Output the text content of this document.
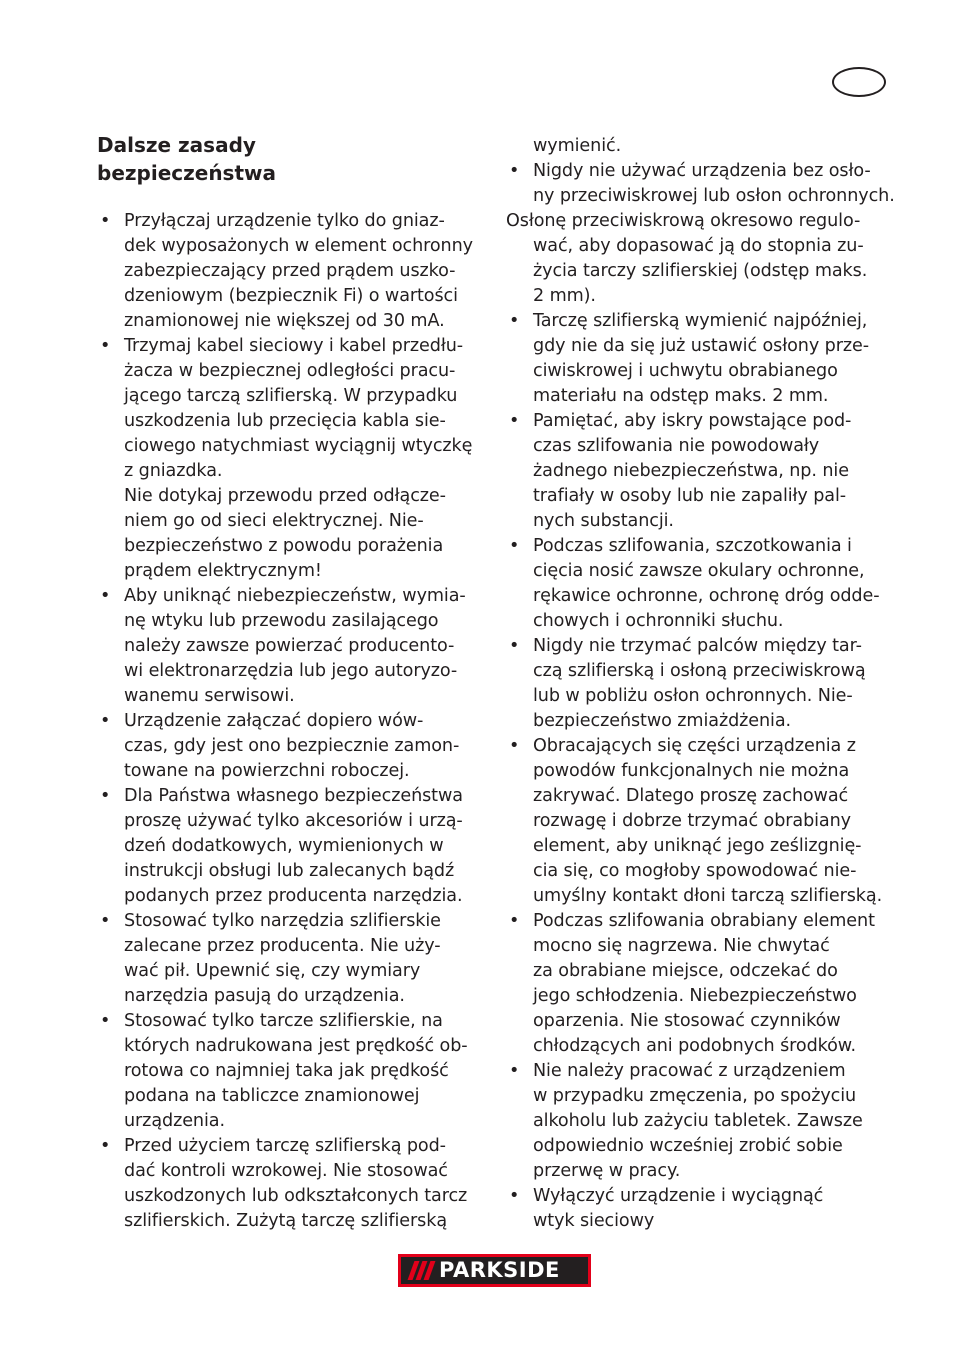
Dalsze zasady
bezpieczeństwa
Przyłączaj urządzenie tylko do gniaz-
dek wyposażonych w element ochronny
zabezpieczający przed prądem uszko-
dzeniowym (bezpiecznik Fi) o wartości
znamionowej nie większej od 30 mA.
Trzymaj kabel sieciowy i kabel przedłu-
żacza w bezpiecznej odległości pracu-
jącego tarczą szlifierską. W przypadku
uszkodzenia lub przecięcia kabla sie-
ciowego natychmiast wyciągnij wtyczkę
z gniazdka.
Nie dotykaj przewodu przed odłącze-
niem go od sieci elektrycznej. Nie-
bezpieczeństwo z powodu porażenia
prądem elektrycznym!
Aby uniknąć niebezpieczeństw, wymia-
nę wtyku lub przewodu zasilającego
należy zawsze powierzać producento-
wi elektronarzędzia lub jego autoryzo-
wanemu serwisowi.
Urządzenie załączać dopiero wów-
czas, gdy jest ono bezpiecznie zamon-
towane na powierzchni roboczej.
Dla Państwa własnego bezpieczeństwa
proszę używać tylko akcesoriów i urzą-
dzeń dodatkowych, wymienionych w
instrukcji obsługi lub zalecanych bądź
podanych przez producenta narzędzia.
Stosować tylko narzędzia szlifierskie
zalecane przez producenta. Nie uży-
wać pił. Upewnić się, czy wymiary
narzędzia pasują do urządzenia.
Stosować tylko tarcze szlifierskie, na
których nadrukowana jest prędkość ob-
rotowa co najmniej taka jak prędkość
podana na tabliczce znamionowej
urządzenia.
Przed użyciem tarczę szlifierską pod-
dać kontroli wzrokowej. Nie stosować
uszkodzonych lub odkształconych tarcz
szlifierskich. Zużytą tarczę szlifierską
wymienić.
Nigdy nie używać urządzenia bez osło-
ny przeciwiskrowej lub osłon ochronnych.
Osłonę przeciwiskrową okresowo regulo-
wać, aby dopasować ją do stopnia zu-
życia tarczy szlifierskiej (odstęp maks.
2 mm).
Tarczę szlifierską wymienić najpóźniej,
gdy nie da się już ustawić osłony prze-
ciwiskrowej i uchwytu obrabianego
materiału na odstęp maks. 2 mm.
Pamiętać, aby iskry powstające pod-
czas szlifowania nie powodowały
żadnego niebezpieczeństwa, np. nie
trafiały w osoby lub nie zapaliły pal-
nych substancji.
Podczas szlifowania, szczotkowania i
cięcia nosić zawsze okulary ochronne,
rękawice ochronne, ochronę dróg odde-
chowych i ochronniki słuchu.
Nigdy nie trzymać palców między tar-
czą szlifierską i osłoną przeciwiskrową
lub w pobliżu osłon ochronnych. Nie-
bezpieczeństwo zmiażdżenia.
Obracających się części urządzenia z
powodów funkcjonalnych nie można
zakrywać. Dlatego proszę zachować
rozwagę i dobrze trzymać obrabiany
element, aby uniknąć jego ześlizgnię-
cia się, co mogłoby spowodować nie-
umyślny kontakt dłoni tarczą szlifierską.
Podczas szlifowania obrabiany element
mocno się nagrzewa. Nie chwytać
za obrabiane miejsce, odczekać do
jego schłodzenia. Niebezpieczeństwo
oparzenia. Nie stosować czynników
chłodzących ani podobnych środków.
Nie należy pracować z urządzeniem
w przypadku zmęczenia, po spożyciu
alkoholu lub zażyciu tabletek. Zawsze
odpowiednio wcześniej zrobić sobie
przerwę w pracy.
Wyłączyć urządzenie i wyciągnąć
wtyk sieciowy
PARKSIDE
